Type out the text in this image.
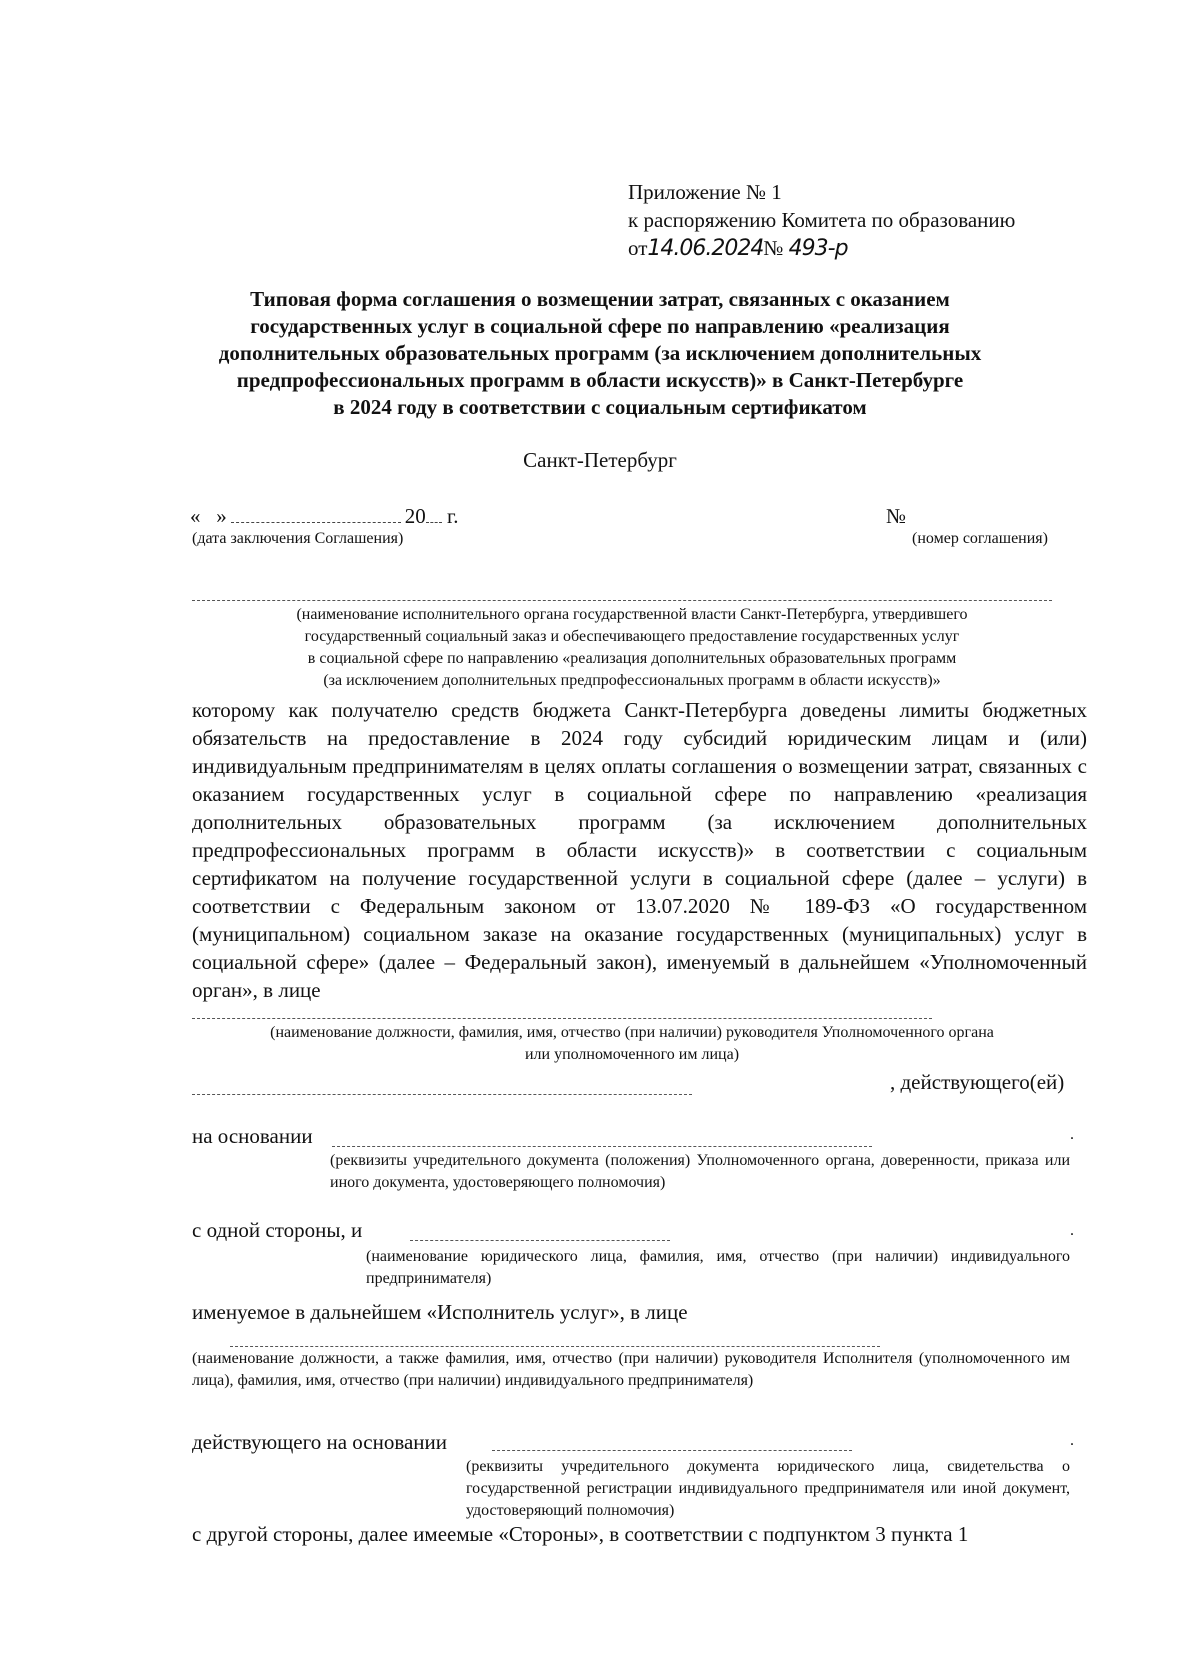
Приложение № 1
к распоряжению Комитета по образованию
от14.06.2024№ 493-р
Типовая форма соглашения о возмещении затрат, связанных с оказанием
государственных услуг в социальной сфере по направлению «реализация
дополнительных образовательных программ (за исключением дополнительных
предпрофессиональных программ в области искусств)» в Санкт-Петербурге
в 2024 году в соответствии с социальным сертификатом
Санкт-Петербург
« »	20 г.
(дата заключения Соглашения)
№
(номер соглашения)
(наименование исполнительного органа государственной власти Санкт-Петербурга, утвердившего
государственный социальный заказ и обеспечивающего предоставление государственных услуг
в социальной сфере по направлению «реализация дополнительных образовательных программ
(за исключением дополнительных предпрофессиональных программ в области искусств)»
которому как получателю средств бюджета Санкт-Петербурга доведены лимиты бюджетных обязательств на предоставление в 2024 году субсидий юридическим лицам и (или) индивидуальным предпринимателям в целях оплаты соглашения о возмещении затрат, связанных с оказанием государственных услуг в социальной сфере по направлению «реализация дополнительных образовательных программ (за исключением дополнительных предпрофессиональных программ в области искусств)» в соответствии с социальным сертификатом на получение государственной услуги в социальной сфере (далее – услуги) в соответствии с Федеральным законом от 13.07.2020 № 189-ФЗ «О государственном (муниципальном) социальном заказе на оказание государственных (муниципальных) услуг в социальной сфере» (далее – Федеральный закон), именуемый в дальнейшем «Уполномоченный орган», в лице
(наименование должности, фамилия, имя, отчество (при наличии) руководителя Уполномоченного органа
или уполномоченного им лица)
, действующего(ей)
на основании	.
(реквизиты учредительного документа (положения) Уполномоченного органа, доверенности, приказа или иного документа, удостоверяющего полномочия)
с одной стороны, и	.
(наименование юридического лица, фамилия, имя, отчество (при наличии) индивидуального предпринимателя)
именуемое в дальнейшем «Исполнитель услуг», в лице
(наименование должности, а также фамилия, имя, отчество (при наличии) руководителя Исполнителя (уполномоченного им лица), фамилия, имя, отчество (при наличии) индивидуального предпринимателя)
действующего на основании	.
(реквизиты учредительного документа юридического лица, свидетельства о государственной регистрации индивидуального предпринимателя или иной документ, удостоверяющий полномочия)
с другой стороны, далее имеемые «Стороны», в соответствии с подпунктом 3 пункта 1
